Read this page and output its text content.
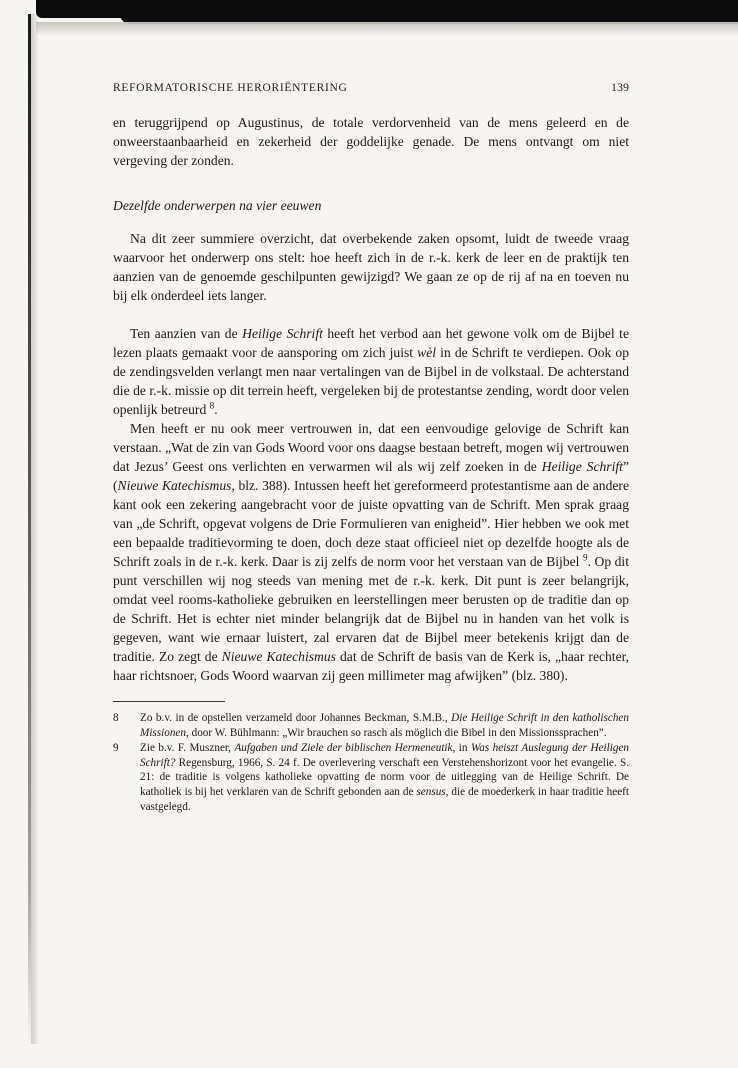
REFORMATORISCHE HERORIËNTERING	139

en teruggrijpend op Augustinus, de totale verdorvenheid van de mens geleerd en de onweerstaanbaarheid en zekerheid der goddelijke genade. De mens ontvangt om niet vergeving der zonden.

Dezelfde onderwerpen na vier eeuwen

Na dit zeer summiere overzicht, dat overbekende zaken opsomt, luidt de tweede vraag waarvoor het onderwerp ons stelt: hoe heeft zich in de r.-k. kerk de leer en de praktijk ten aanzien van de genoemde geschilpunten gewijzigd? We gaan ze op de rij af na en toeven nu bij elk onderdeel iets langer.

Ten aanzien van de Heilige Schrift heeft het verbod aan het gewone volk om de Bijbel te lezen plaats gemaakt voor de aansporing om zich juist wèl in de Schrift te verdiepen. Ook op de zendingsvelden verlangt men naar vertalingen van de Bijbel in de volkstaal. De achterstand die de r.-k. missie op dit terrein heeft, vergeleken bij de protestantse zending, wordt door velen openlijk betreurd $^8$.

Men heeft er nu ook meer vertrouwen in, dat een eenvoudige gelovige de Schrift kan verstaan. „Wat de zin van Gods Woord voor ons daagse bestaan betreft, mogen wij vertrouwen dat Jezus’ Geest ons verlichten en verwarmen wil als wij zelf zoeken in de Heilige Schrift” (Nieuwe Katechismus, blz. 388). Intussen heeft het gereformeerd protestantisme aan de andere kant ook een zekering aangebracht voor de juiste opvatting van de Schrift. Men sprak graag van „de Schrift, opgevat volgens de Drie Formulieren van enigheid”. Hier hebben we ook met een bepaalde traditievorming te doen, doch deze staat officieel niet op dezelfde hoogte als de Schrift zoals in de r.-k. kerk. Daar is zij zelfs de norm voor het verstaan van de Bijbel $^9$. Op dit punt verschillen wij nog steeds van mening met de r.-k. kerk. Dit punt is zeer belangrijk, omdat veel rooms-katholieke gebruiken en leerstellingen meer berusten op de traditie dan op de Schrift. Het is echter niet minder belangrijk dat de Bijbel nu in handen van het volk is gegeven, want wie ernaar luistert, zal ervaren dat de Bijbel meer betekenis krijgt dan de traditie. Zo zegt de Nieuwe Katechismus dat de Schrift de basis van de Kerk is, „haar rechter, haar richtsnoer, Gods Woord waarvan zij geen millimeter mag afwijken” (blz. 380).

8	Zo b.v. in de opstellen verzameld door Johannes Beckman, S.M.B., Die Heilige Schrift in den katholischen Missionen, door W. Bühlmann: „Wir brauchen so rasch als möglich die Bibel in den Missionssprachen”.
9	Zie b.v. F. Muszner, Aufgaben und Ziele der biblischen Hermeneutik, in Was heiszt Auslegung der Heiligen Schrift? Regensburg, 1966, S. 24 f. De overlevering verschaft een Verstehenshorizont voor het evangelie. S. 21: de traditie is volgens katholieke opvatting de norm voor de uitlegging van de Heilige Schrift. De katholiek is bij het verklaren van de Schrift gebonden aan de sensus, die de moederkerk in haar traditie heeft vastgelegd.
